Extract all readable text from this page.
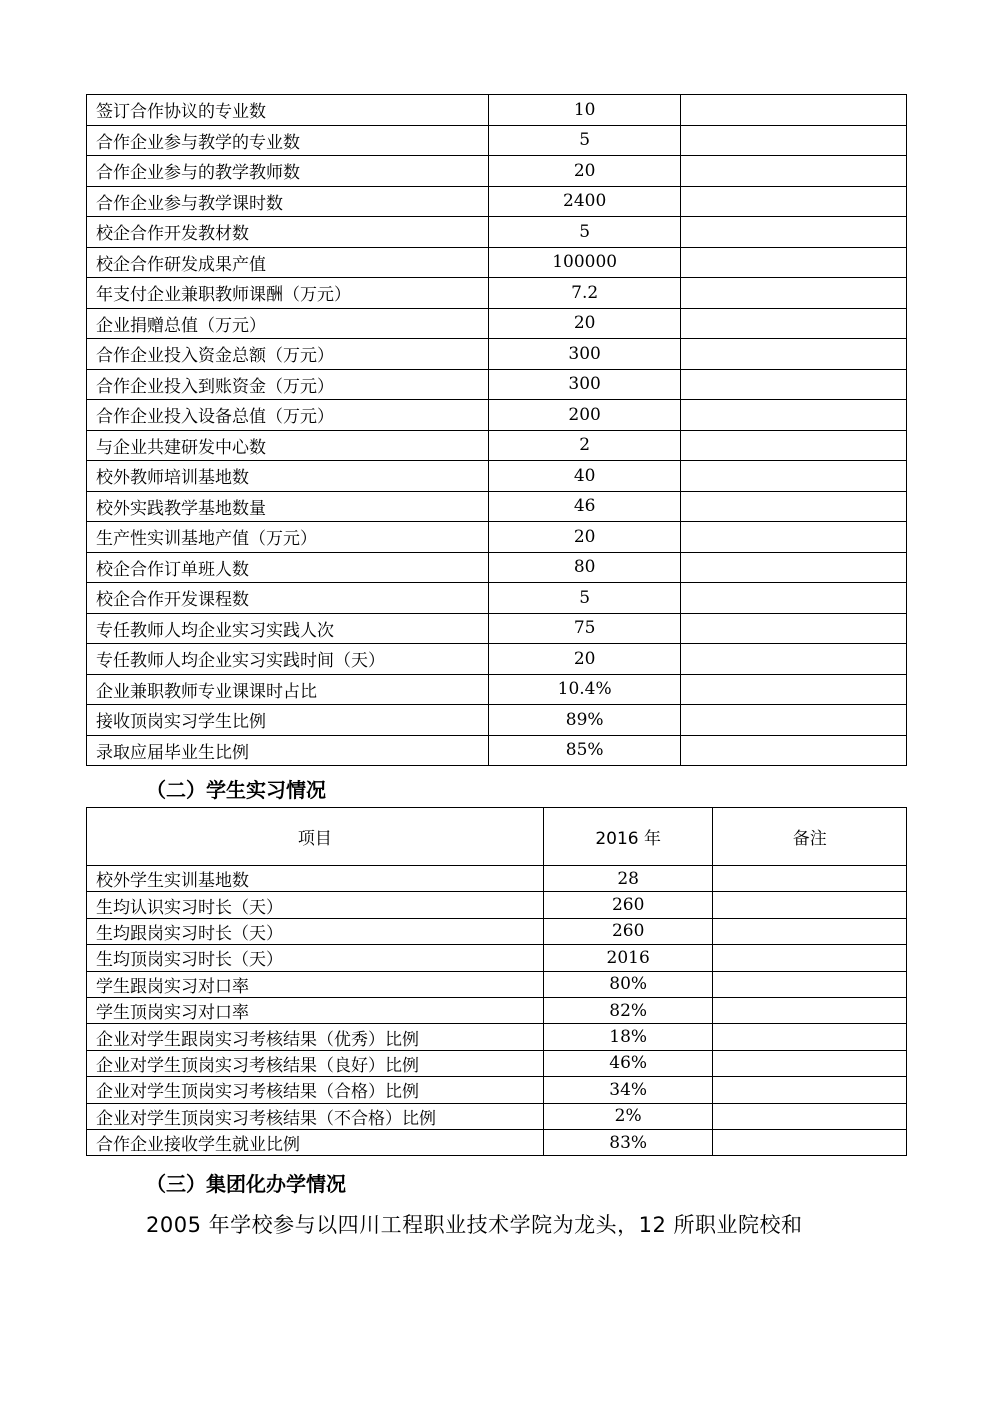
签订合作协议的专业数	10	
合作企业参与教学的专业数	5	
合作企业参与的教学教师数	20	
合作企业参与教学课时数	2400	
校企合作开发教材数	5	
校企合作研发成果产值	100000	
年支付企业兼职教师课酬（万元）	7.2	
企业捐赠总值（万元）	20	
合作企业投入资金总额（万元）	300	
合作企业投入到账资金（万元）	300	
合作企业投入设备总值（万元）	200	
与企业共建研发中心数	2	
校外教师培训基地数	40	
校外实践教学基地数量	46	
生产性实训基地产值（万元）	20	
校企合作订单班人数	80	
校企合作开发课程数	5	
专任教师人均企业实习实践人次	75	
专任教师人均企业实习实践时间（天）	20	
企业兼职教师专业课课时占比	10.4%	
接收顶岗实习学生比例	89%	
录取应届毕业生比例	85%	
（二）学生实习情况
项目	2016 年	备注
校外学生实训基地数	28	
生均认识实习时长（天）	260	
生均跟岗实习时长（天）	260	
生均顶岗实习时长（天）	2016	
学生跟岗实习对口率	80%	
学生顶岗实习对口率	82%	
企业对学生跟岗实习考核结果（优秀）比例	18%	
企业对学生顶岗实习考核结果（良好）比例	46%	
企业对学生顶岗实习考核结果（合格）比例	34%	
企业对学生顶岗实习考核结果（不合格）比例	2%	
合作企业接收学生就业比例	83%	
（三）集团化办学情况
2005 年学校参与以四川工程职业技术学院为龙头，12 所职业院校和
